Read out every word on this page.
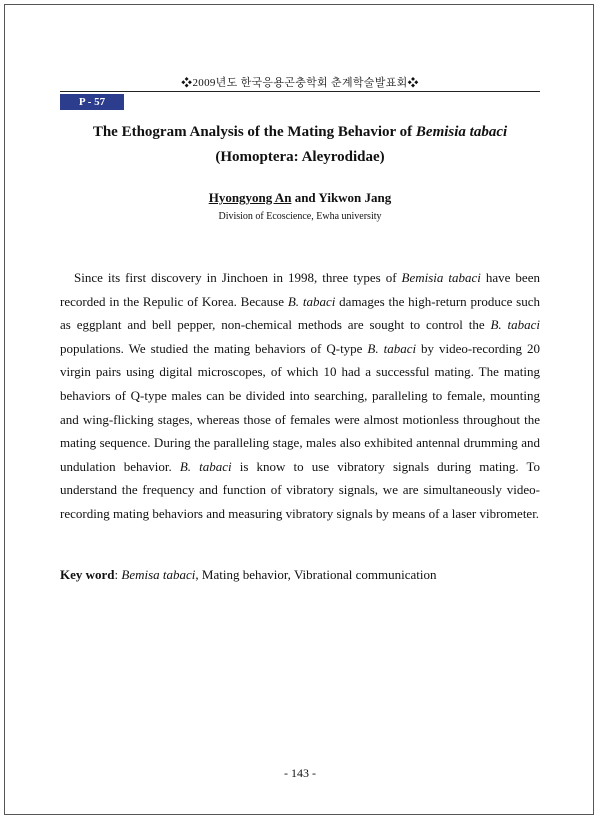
❖2009년도 한국응용곤충학회 춘계학술발표회❖
P - 57
The Ethogram Analysis of the Mating Behavior of Bemisia tabaci
(Homoptera: Aleyrodidae)
Hyongyong An and Yikwon Jang
Division of Ecoscience, Ewha university

Since its first discovery in Jinchoen in 1998, three types of Bemisia tabaci have been recorded in the Repulic of Korea. Because B. tabaci damages the high-return produce such as eggplant and bell pepper, non-chemical methods are sought to control the B. tabaci populations. We studied the mating behaviors of Q-type B. tabaci by video-recording 20 virgin pairs using digital microscopes, of which 10 had a successful mating. The mating behaviors of Q-type males can be divided into searching, paralleling to female, mounting and wing-flicking stages, whereas those of females were almost motionless throughout the mating sequence. During the paralleling stage, males also exhibited antennal drumming and undulation behavior. B. tabaci is know to use vibratory signals during mating. To understand the frequency and function of vibratory signals, we are simultaneously video-recording mating behaviors and measuring vibratory signals by means of a laser vibrometer.

Key word: Bemisa tabaci, Mating behavior, Vibrational communication
- 143 -
